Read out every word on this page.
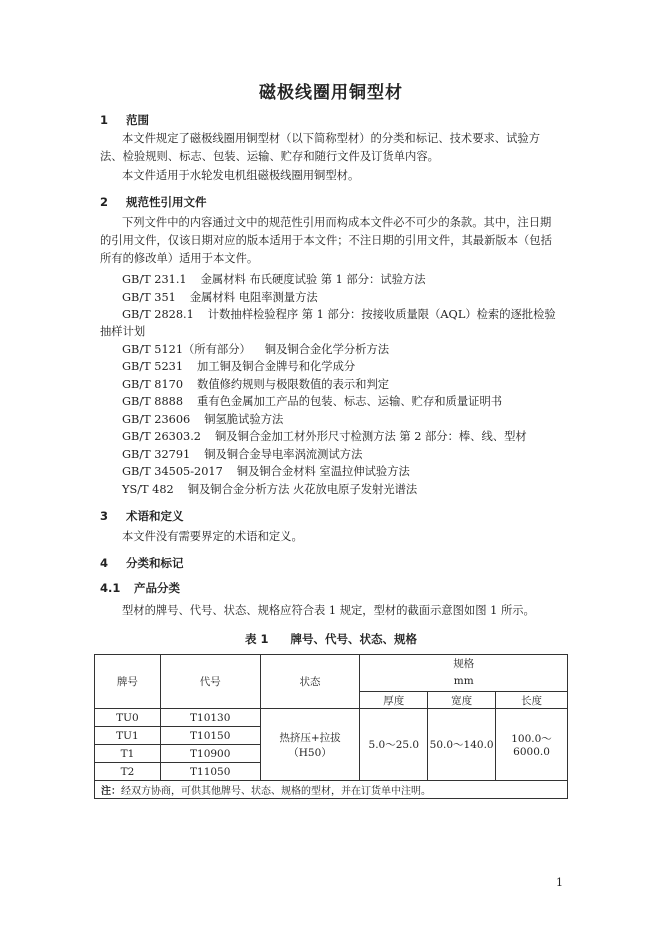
磁极线圈用铜型材
1 范围
本文件规定了磁极线圈用铜型材（以下简称型材）的分类和标记、技术要求、试验方法、检验规则、标志、包装、运输、贮存和随行文件及订货单内容。
本文件适用于水轮发电机组磁极线圈用铜型材。
2 规范性引用文件
下列文件中的内容通过文中的规范性引用而构成本文件必不可少的条款。其中，注日期的引用文件，仅该日期对应的版本适用于本文件；不注日期的引用文件，其最新版本（包括所有的修改单）适用于本文件。
GB/T 231.1 金属材料 布氏硬度试验 第 1 部分：试验方法
GB/T 351 金属材料 电阻率测量方法
GB/T 2828.1 计数抽样检验程序 第 1 部分：按接收质量限（AQL）检索的逐批检验
抽样计划
GB/T 5121（所有部分） 铜及铜合金化学分析方法
GB/T 5231 加工铜及铜合金牌号和化学成分
GB/T 8170 数值修约规则与极限数值的表示和判定
GB/T 8888 重有色金属加工产品的包装、标志、运输、贮存和质量证明书
GB/T 23606 铜氢脆试验方法
GB/T 26303.2 铜及铜合金加工材外形尺寸检测方法 第 2 部分：棒、线、型材
GB/T 32791 铜及铜合金导电率涡流测试方法
GB/T 34505-2017 铜及铜合金材料 室温拉伸试验方法
YS/T 482 铜及铜合金分析方法 火花放电原子发射光谱法
3 术语和定义
本文件没有需要界定的术语和定义。
4 分类和标记
4.1 产品分类
型材的牌号、代号、状态、规格应符合表 1 规定，型材的截面示意图如图 1 所示。
表 1 牌号、代号、状态、规格
牌号	代号	状态	规格
mm		

			厚度	宽度	长度
TU0	T10130	热挤压+拉拔（H50）	5.0～25.0	50.0～140.0	100.0～6000.0
TU1	T10150				
T1	T10900				
T2	T11050				
注：经双方协商，可供其他牌号、状态、规格的型材，并在订货单中注明。					
1
